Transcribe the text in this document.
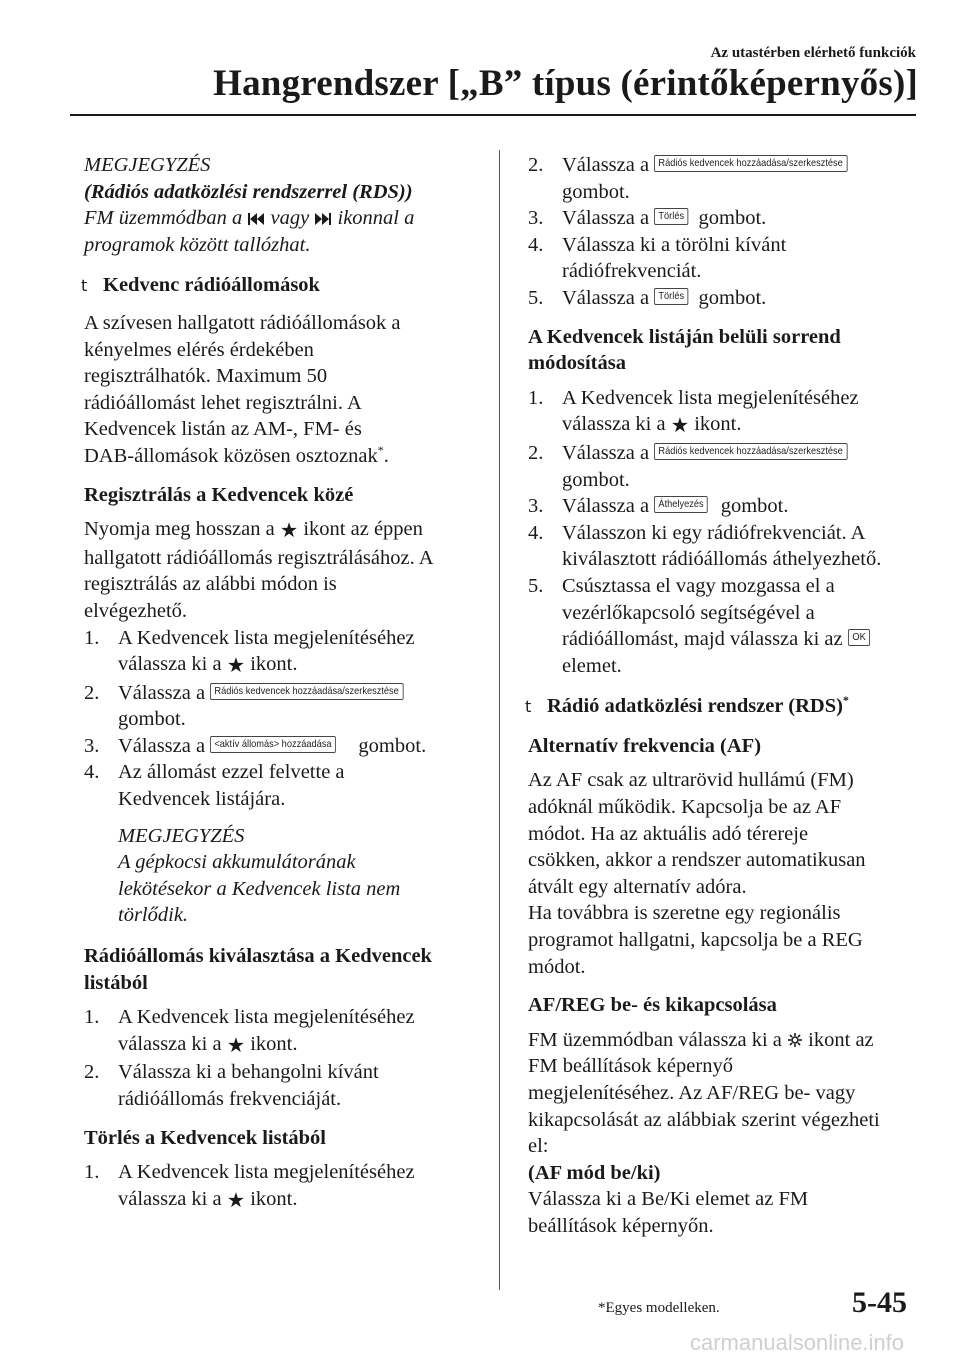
Az utastérben elérhető funkciók
Hangrendszer [„B” típus (érintőképernyős)]

MEGJEGYZÉS

(Rádiós adatközlési rendszerrel (RDS))

FM üzemmódban a vagy ikonnal a
programok között tallózhat.

t Kedvenc rádióállomások

A szívesen hallgatott rádióállomások a
kényelmes elérés érdekében
regisztrálhatók. Maximum 50
rádióállomást lehet regisztrálni. A
Kedvencek listán az AM-, FM- és
DAB-állomások közösen osztoznak*.

Regisztrálás a Kedvencek közé

Nyomja meg hosszan a ★ ikont az éppen
hallgatott rádióállomás regisztrálásához. A
regisztrálás az alábbi módon is
elvégezhető.

1. A Kedvencek lista megjelenítéséhez
válassza ki a ★ ikont.
2. Válassza a Rádiós kedvencek hozzáadása/szerkesztése
gombot.
3. Válassza a <aktív állomás> hozzáadása gombot.
4. Az állomást ezzel felvette a
Kedvencek listájára.

MEGJEGYZÉS

A gépkocsi akkumulátorának
lekötésekor a Kedvencek lista nem
törlődik.

Rádióállomás kiválasztása a Kedvencek listából

1. A Kedvencek lista megjelenítéséhez
válassza ki a ★ ikont.
2. Válassza ki a behangolni kívánt
rádióállomás frekvenciáját.

Törlés a Kedvencek listából

1. A Kedvencek lista megjelenítéséhez
válassza ki a ★ ikont.
2. Válassza a Rádiós kedvencek hozzáadása/szerkesztése
gombot.
3. Válassza a Törlés gombot.
4. Válassza ki a törölni kívánt
rádiófrekvenciát.
5. Válassza a Törlés gombot.

A Kedvencek listáján belüli sorrend módosítása

1. A Kedvencek lista megjelenítéséhez
válassza ki a ★ ikont.
2. Válassza a Rádiós kedvencek hozzáadása/szerkesztése
gombot.
3. Válassza a Áthelyezés gombot.
4. Válasszon ki egy rádiófrekvenciát. A
kiválasztott rádióállomás áthelyezhető.
5. Csúsztassa el vagy mozgassa el a
vezérlőkapcsoló segítségével a
rádióállomást, majd válassza ki az OK
elemet.
t Rádió adatközlési rendszer (RDS)*

Alternatív frekvencia (AF)

Az AF csak az ultrarövid hullámú (FM)
adóknál működik. Kapcsolja be az AF
módot. Ha az aktuális adó térereje
csökken, akkor a rendszer automatikusan
átvált egy alternatív adóra.
Ha továbbra is szeretne egy regionális
programot hallgatni, kapcsolja be a REG
módot.

AF/REG be- és kikapcsolása

FM üzemmódban válassza ki a ikont az
FM beállítások képernyő
megjelenítéséhez. Az AF/REG be- vagy
kikapcsolását az alábbiak szerint végezheti
el:

(AF mód be/ki)

Válassza ki a Be/Ki elemet az FM
beállítások képernyőn.

*Egyes modelleken.	5-45
carmanualsonline.info
